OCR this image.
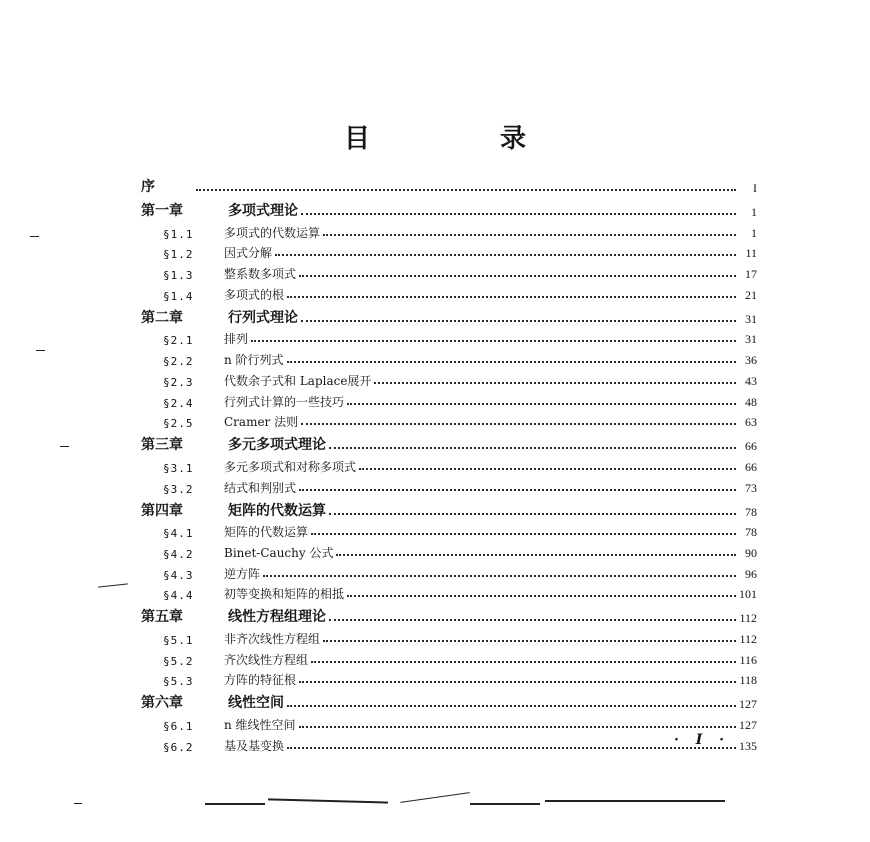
目　录
序	I
第一章	多项式理论	1
§1.1	多项式的代数运算	1
§1.2	因式分解	11
§1.3	整系数多项式	17
§1.4	多项式的根	21
第二章	行列式理论	31
§2.1	排列	31
§2.2	n 阶行列式	36
§2.3	代数余子式和 Laplace展开	43
§2.4	行列式计算的一些技巧	48
§2.5	Cramer 法则	63
第三章	多元多项式理论	66
§3.1	多元多项式和对称多项式	66
§3.2	结式和判别式	73
第四章	矩阵的代数运算	78
§4.1	矩阵的代数运算	78
§4.2	Binet-Cauchy 公式	90
§4.3	逆方阵	96
§4.4	初等变换和矩阵的相抵	101
第五章	线性方程组理论	112
§5.1	非齐次线性方程组	112
§5.2	齐次线性方程组	116
§5.3	方阵的特征根	118
第六章	线性空间	127
§6.1	n 维线性空间	127
§6.2	基及基变换	135
· I ·
